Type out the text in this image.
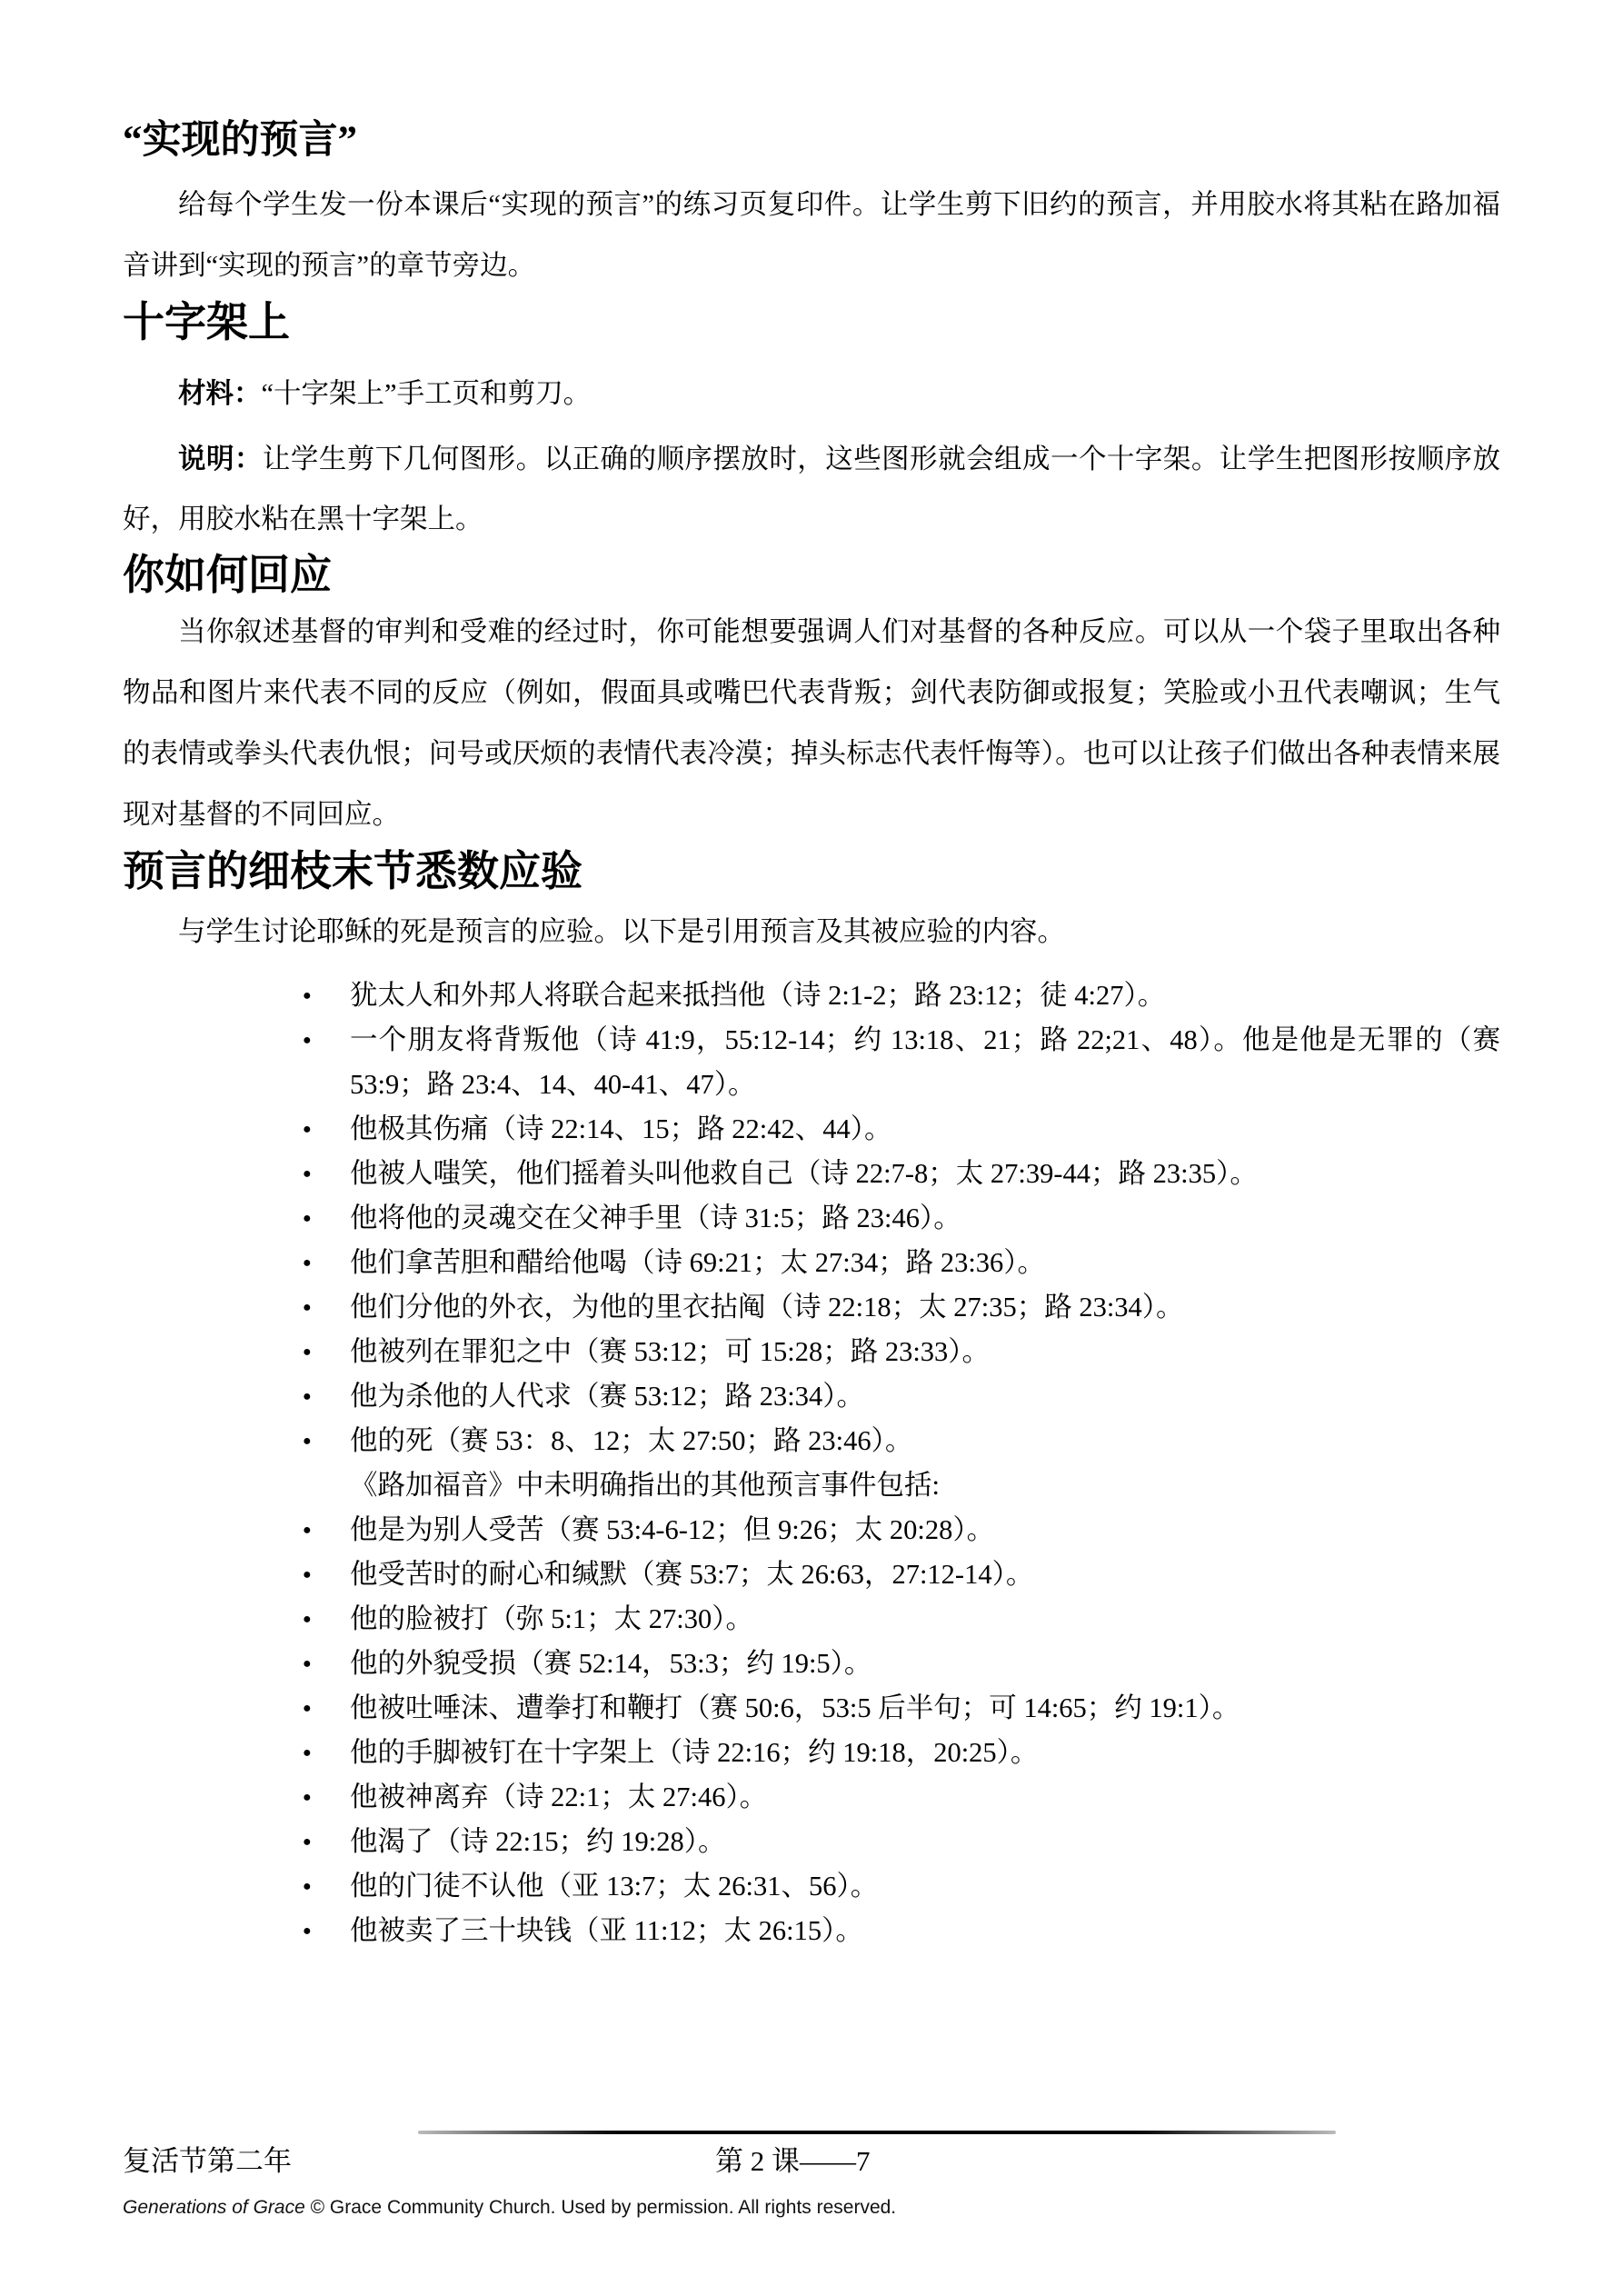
“实现的预言”

给每个学生发一份本课后“实现的预言”的练习页复印件。让学生剪下旧约的预言，并用胶水将其粘在路加福音讲到“实现的预言”的章节旁边。

十字架上

材料：“十字架上”手工页和剪刀。

说明：让学生剪下几何图形。以正确的顺序摆放时，这些图形就会组成一个十字架。让学生把图形按顺序放好，用胶水粘在黑十字架上。

你如何回应

当你叙述基督的审判和受难的经过时，你可能想要强调人们对基督的各种反应。可以从一个袋子里取出各种物品和图片来代表不同的反应（例如，假面具或嘴巴代表背叛；剑代表防御或报复；笑脸或小丑代表嘲讽；生气的表情或拳头代表仇恨；问号或厌烦的表情代表冷漠；掉头标志代表忏悔等）。也可以让孩子们做出各种表情来展现对基督的不同回应。

预言的细枝末节悉数应验

与学生讨论耶稣的死是预言的应验。以下是引用预言及其被应验的内容。

● 犹太人和外邦人将联合起来抵挡他（诗 2:1-2；路 23:12；徒 4:27）。
● 一个朋友将背叛他（诗 41:9，55:12-14；约 13:18、21；路 22;21、48）。他是他是无罪的（赛 53:9；路 23:4、14、40-41、47）。
● 他极其伤痛（诗 22:14、15；路 22:42、44）。
● 他被人嗤笑，他们摇着头叫他救自己（诗 22:7-8；太 27:39-44；路 23:35）。
● 他将他的灵魂交在父神手里（诗 31:5；路 23:46）。
● 他们拿苦胆和醋给他喝（诗 69:21；太 27:34；路 23:36）。
● 他们分他的外衣，为他的里衣拈阄（诗 22:18；太 27:35；路 23:34）。
● 他被列在罪犯之中（赛 53:12；可 15:28；路 23:33）。
● 他为杀他的人代求（赛 53:12；路 23:34）。
● 他的死（赛 53：8、12；太 27:50；路 23:46）。
《路加福音》中未明确指出的其他预言事件包括:
● 他是为别人受苦（赛 53:4-6-12；但 9:26；太 20:28）。
● 他受苦时的耐心和缄默（赛 53:7；太 26:63，27:12-14）。
● 他的脸被打（弥 5:1；太 27:30）。
● 他的外貌受损（赛 52:14，53:3；约 19:5）。
● 他被吐唾沫、遭拳打和鞭打（赛 50:6，53:5 后半句；可 14:65；约 19:1）。
● 他的手脚被钉在十字架上（诗 22:16；约 19:18，20:25）。
● 他被神离弃（诗 22:1；太 27:46）。
● 他渴了（诗 22:15；约 19:28）。
● 他的门徒不认他（亚 13:7；太 26:31、56）。
● 他被卖了三十块钱（亚 11:12；太 26:15）。
复活节第二年	第 2 课——7
Generations of Grace © Grace Community Church. Used by permission. All rights reserved.
